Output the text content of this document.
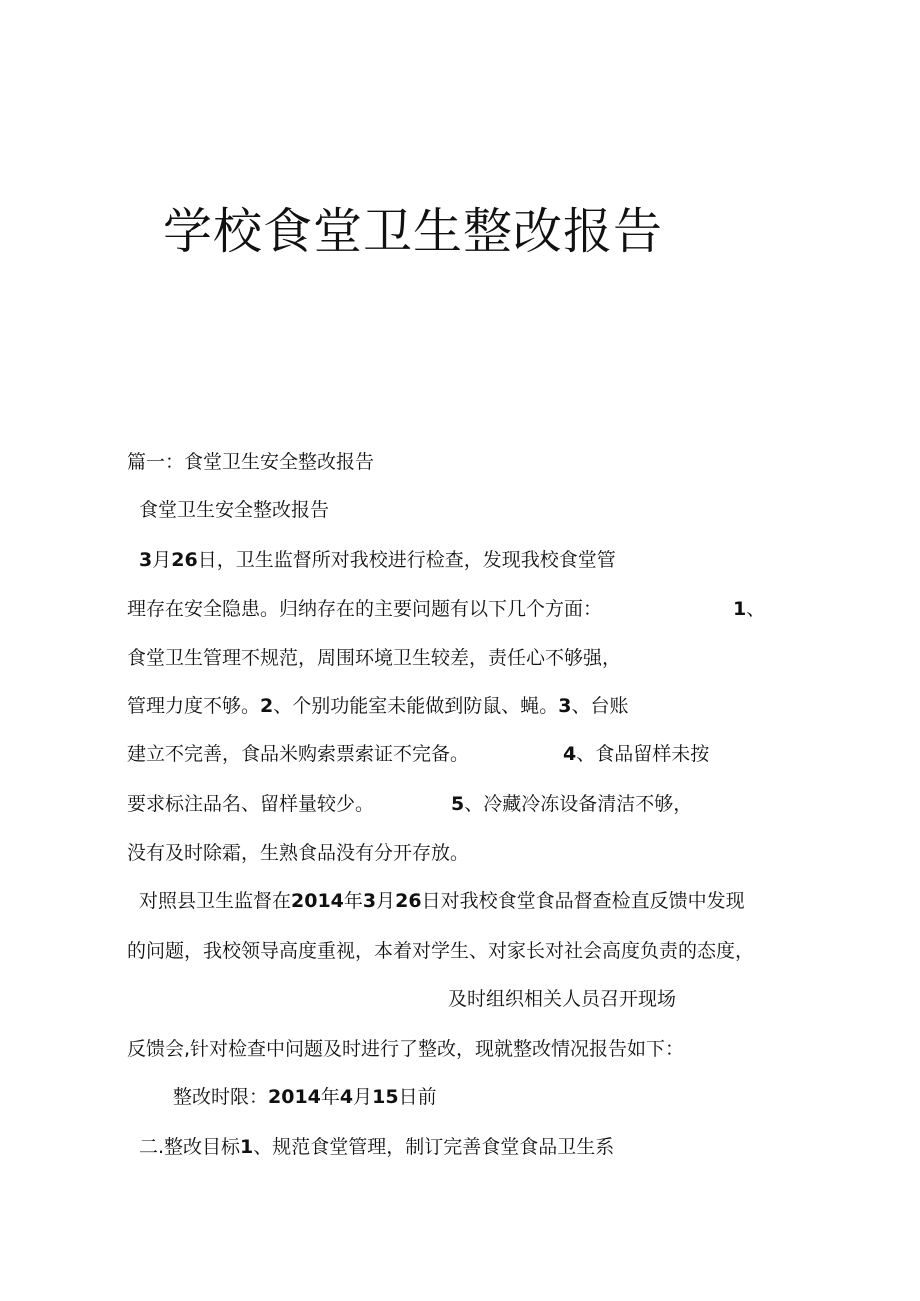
学校食堂卫生整改报告
篇一：食堂卫生安全整改报告
食堂卫生安全整改报告
3月26日，卫生监督所对我校进行检查，发现我校食堂管
理存在安全隐患。归纳存在的主要问题有以下几个方面：	1、
食堂卫生管理不规范，周围环境卫生较差，责任心不够强，
管理力度不够。2、个别功能室未能做到防鼠、蝇。3、台账
建立不完善，食品米购索票索证不完备。	4、食品留样未按
要求标注品名、留样量较少。	5、冷藏冷冻设备清洁不够，
没有及时除霜，生熟食品没有分开存放。
对照县卫生监督在2014年3月26日对我校食堂食品督查检直反馈中发现
的问题，我校领导高度重视，本着对学生、对家长对社会高度负责的态度，
及时组织相关人员召开现场
反馈会,针对检查中问题及时进行了整改，现就整改情况报告如下：
整改时限：2014年4月15日前
二.整改目标1、规范食堂管理，制订完善食堂食品卫生系
